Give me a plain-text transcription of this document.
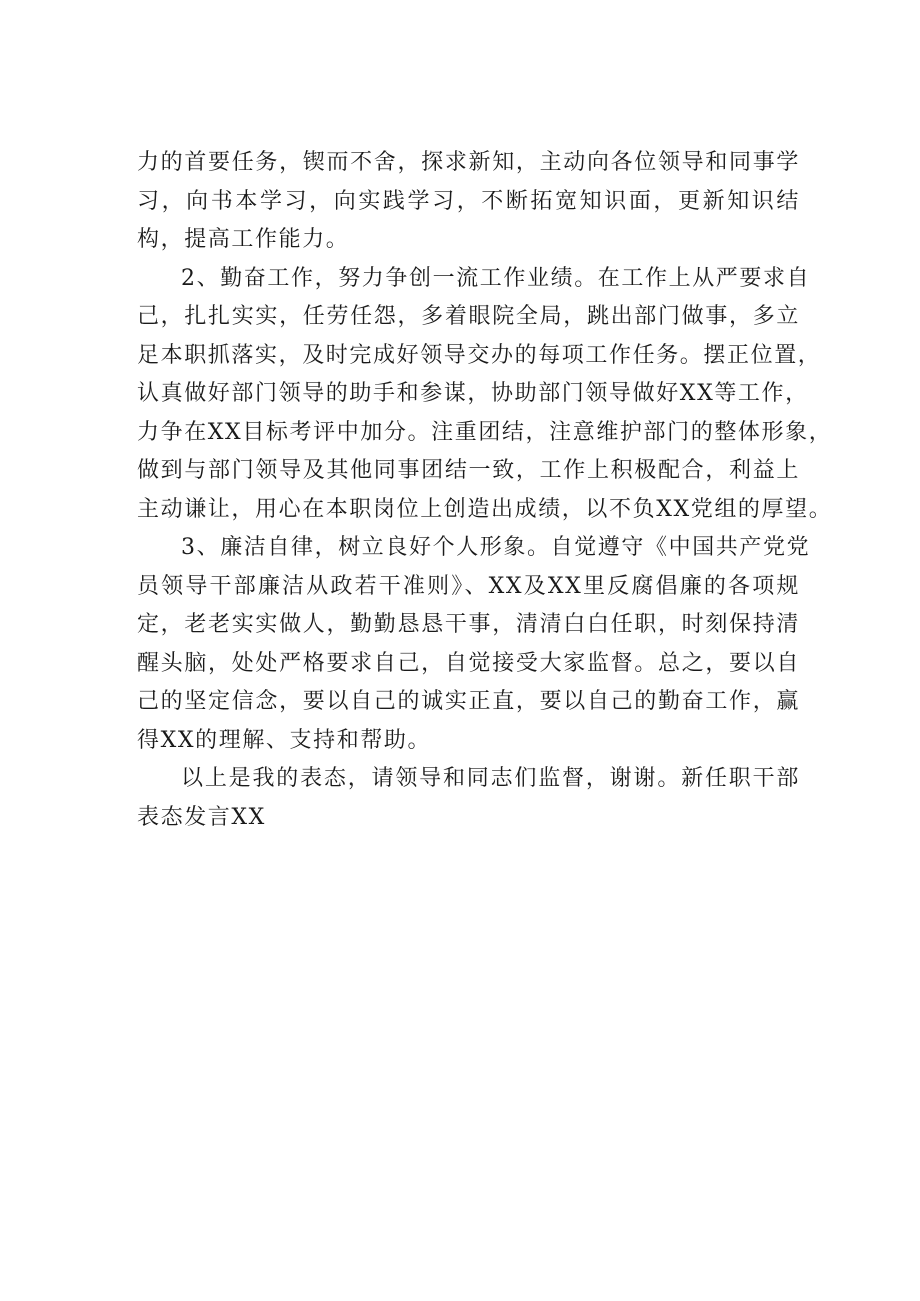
力的首要任务，锲而不舍，探求新知，主动向各位领导和同事学
习，向书本学习，向实践学习，不断拓宽知识面，更新知识结
构，提高工作能力。
2、勤奋工作，努力争创一流工作业绩。在工作上从严要求自
己，扎扎实实，任劳任怨，多着眼院全局，跳出部门做事，多立
足本职抓落实，及时完成好领导交办的每项工作任务。摆正位置，
认真做好部门领导的助手和参谋，协助部门领导做好XX等工作，
力争在XX目标考评中加分。注重团结，注意维护部门的整体形象，
做到与部门领导及其他同事团结一致，工作上积极配合，利益上
主动谦让，用心在本职岗位上创造出成绩，以不负XX党组的厚望。
3、廉洁自律，树立良好个人形象。自觉遵守《中国共产党党
员领导干部廉洁从政若干准则》、XX及XX里反腐倡廉的各项规
定，老老实实做人，勤勤恳恳干事，清清白白任职，时刻保持清
醒头脑，处处严格要求自己，自觉接受大家监督。总之，要以自
己的坚定信念，要以自己的诚实正直，要以自己的勤奋工作，赢
得XX的理解、支持和帮助。
以上是我的表态，请领导和同志们监督，谢谢。新任职干部
表态发言XX
